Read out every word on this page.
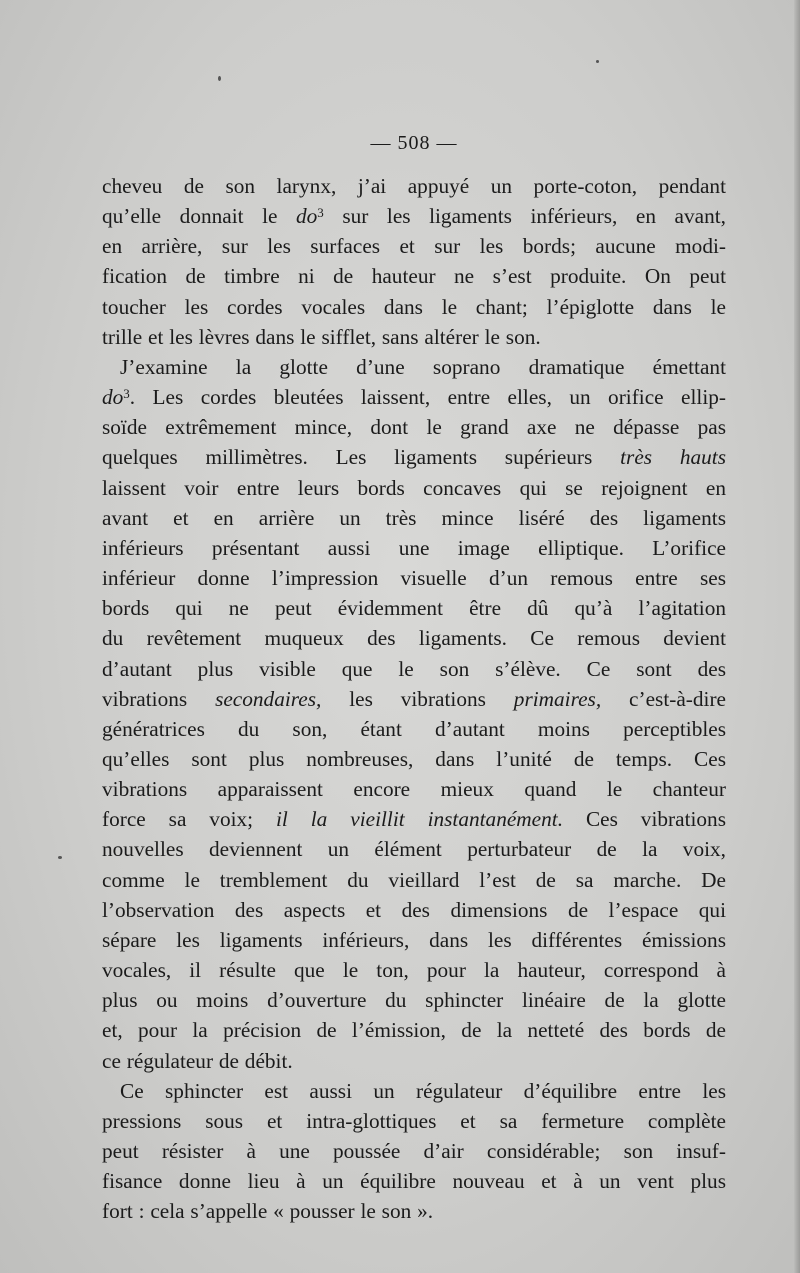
— 508 —

cheveu de son larynx, j’ai appuyé un porte-coton, pendant

qu’elle donnait le $do^3$ sur les ligaments inférieurs, en avant,

en arrière, sur les surfaces et sur les bords; aucune modi-

fication de timbre ni de hauteur ne s’est produite. On peut

toucher les cordes vocales dans le chant; l’épiglotte dans le

trille et les lèvres dans le sifflet, sans altérer le son.

J’examine la glotte d’une soprano dramatique émettant

$do^3$. Les cordes bleutées laissent, entre elles, un orifice ellip-

soïde extrêmement mince, dont le grand axe ne dépasse pas

quelques millimètres. Les ligaments supérieurs très hauts

laissent voir entre leurs bords concaves qui se rejoignent en

avant et en arrière un très mince liséré des ligaments

inférieurs présentant aussi une image elliptique. L’orifice

inférieur donne l’impression visuelle d’un remous entre ses

bords qui ne peut évidemment être dû qu’à l’agitation

du revêtement muqueux des ligaments. Ce remous devient

d’autant plus visible que le son s’élève. Ce sont des

vibrations secondaires, les vibrations primaires, c’est-à-dire

génératrices du son, étant d’autant moins perceptibles

qu’elles sont plus nombreuses, dans l’unité de temps. Ces

vibrations apparaissent encore mieux quand le chanteur

force sa voix; il la vieillit instantanément. Ces vibrations

nouvelles deviennent un élément perturbateur de la voix,

comme le tremblement du vieillard l’est de sa marche. De

l’observation des aspects et des dimensions de l’espace qui

sépare les ligaments inférieurs, dans les différentes émissions

vocales, il résulte que le ton, pour la hauteur, correspond à

plus ou moins d’ouverture du sphincter linéaire de la glotte

et, pour la précision de l’émission, de la netteté des bords de

ce régulateur de débit.

Ce sphincter est aussi un régulateur d’équilibre entre les

pressions sous et intra-glottiques et sa fermeture complète

peut résister à une poussée d’air considérable; son insuf-

fisance donne lieu à un équilibre nouveau et à un vent plus

fort : cela s’appelle « pousser le son ».
